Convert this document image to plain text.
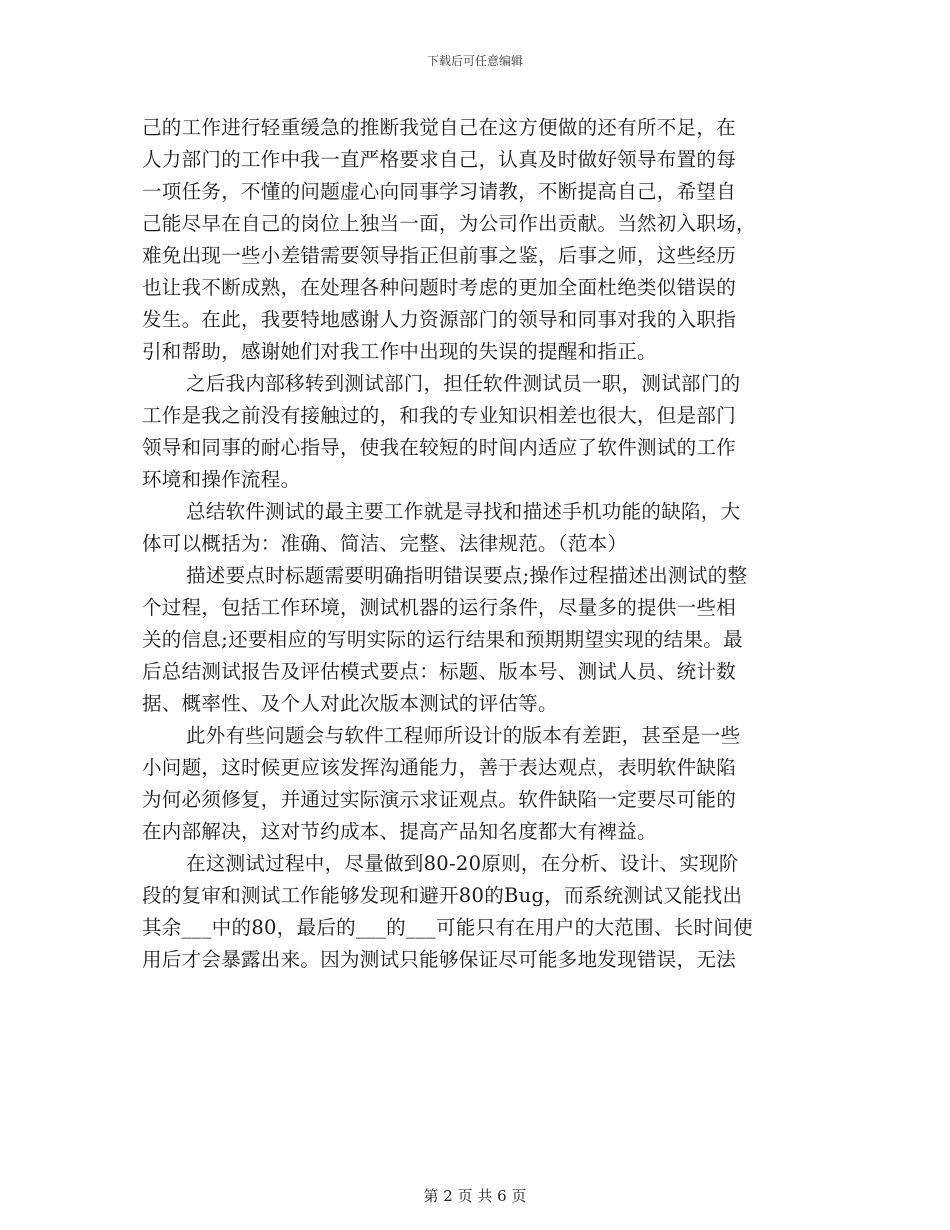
下载后可任意编辑
己的工作进行轻重缓急的推断我觉自己在这方便做的还有所不足，在
人力部门的工作中我一直严格要求自己，认真及时做好领导布置的每
一项任务，不懂的问题虚心向同事学习请教，不断提高自己，希望自
己能尽早在自己的岗位上独当一面，为公司作出贡献。当然初入职场，
难免出现一些小差错需要领导指正但前事之鉴，后事之师，这些经历
也让我不断成熟，在处理各种问题时考虑的更加全面杜绝类似错误的
发生。在此，我要特地感谢人力资源部门的领导和同事对我的入职指
引和帮助，感谢她们对我工作中出现的失误的提醒和指正。
之后我内部移转到测试部门，担任软件测试员一职，测试部门的
工作是我之前没有接触过的，和我的专业知识相差也很大，但是部门
领导和同事的耐心指导，使我在较短的时间内适应了软件测试的工作
环境和操作流程。
总结软件测试的最主要工作就是寻找和描述手机功能的缺陷，大
体可以概括为：准确、简洁、完整、法律规范。（范本）
描述要点时标题需要明确指明错误要点;操作过程描述出测试的整
个过程，包括工作环境，测试机器的运行条件，尽量多的提供一些相
关的信息;还要相应的写明实际的运行结果和预期期望实现的结果。最
后总结测试报告及评估模式要点：标题、版本号、测试人员、统计数
据、概率性、及个人对此次版本测试的评估等。
此外有些问题会与软件工程师所设计的版本有差距，甚至是一些
小问题，这时候更应该发挥沟通能力，善于表达观点，表明软件缺陷
为何必须修复，并通过实际演示求证观点。软件缺陷一定要尽可能的
在内部解决，这对节约成本、提高产品知名度都大有裨益。
在这测试过程中，尽量做到80-20原则，在分析、设计、实现阶
段的复审和测试工作能够发现和避开80的Bug，而系统测试又能找出
其余___中的80，最后的___的___可能只有在用户的大范围、长时间使
用后才会暴露出来。因为测试只能够保证尽可能多地发现错误，无法
第 2 页 共 6 页
